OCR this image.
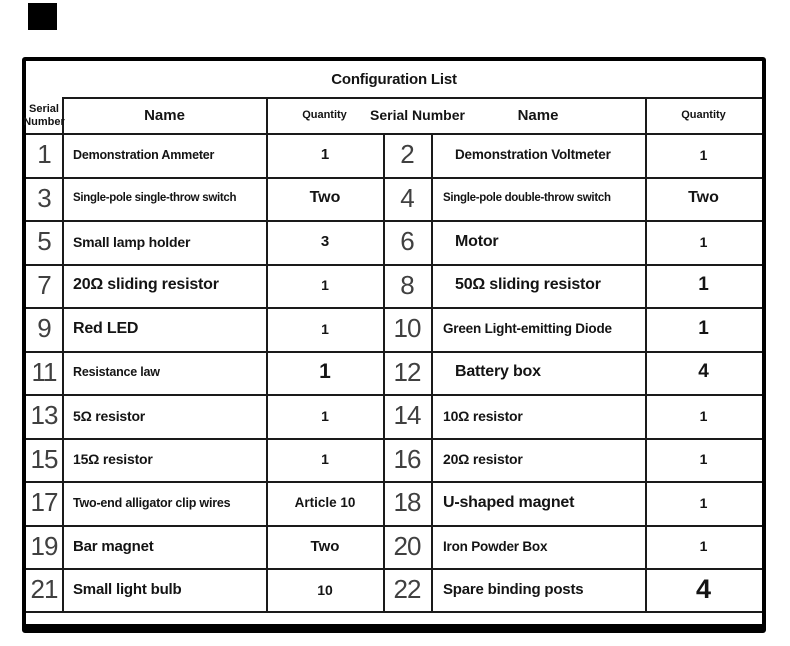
Configuration List
Serial Number	Name	Quantity	Serial Number	Name	Quantity
1	Demonstration Ammeter	1	2	Demonstration Voltmeter	1
3	Single-pole single-throw switch	Two	4	Single-pole double-throw switch	Two
5	Small lamp holder	3	6	Motor	1
7	20Ω sliding resistor	1	8	50Ω sliding resistor	1
9	Red LED	1	10	Green Light-emitting Diode	1
11	Resistance law	1	12	Battery box	4
13	5Ω resistor	1	14	10Ω resistor	1
15	15Ω resistor	1	16	20Ω resistor	1
17	Two-end alligator clip wires	Article 10	18	U-shaped magnet	1
19	Bar magnet	Two	20	Iron Powder Box	1
21	Small light bulb	10	22	Spare binding posts	4
